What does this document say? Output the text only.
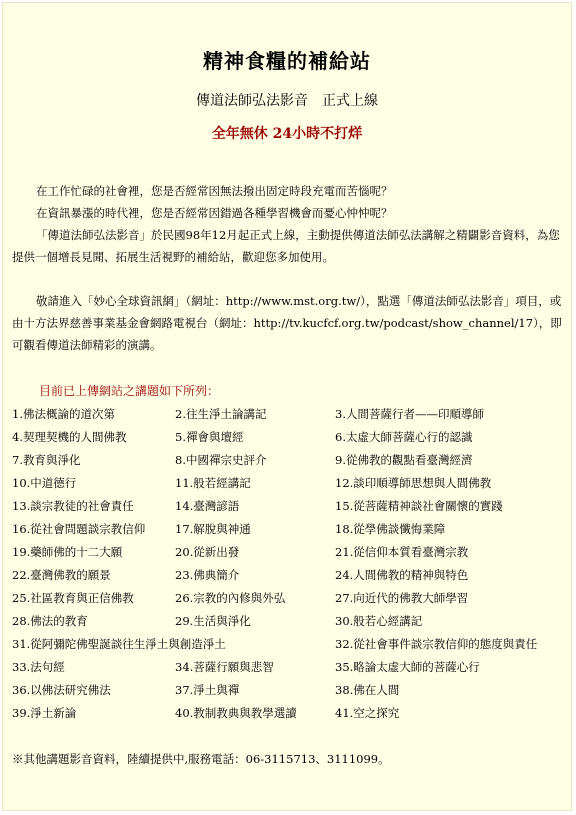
精神食糧的補給站
傳道法師弘法影音　正式上線
全年無休 24小時不打烊
在工作忙碌的社會裡，您是否經常因無法撥出固定時段充電而苦惱呢？
在資訊暴漲的時代裡，您是否經常因錯過各種學習機會而憂心忡忡呢？
「傳道法師弘法影音」於民國98年12月起正式上線，主動提供傳道法師弘法講解之精闢影音資料，為您提供一個增長見聞、拓展生活視野的補給站，歡迎您多加使用。
敬請進入「妙心全球資訊網」（網址：http://www.mst.org.tw/），點選「傳道法師弘法影音」項目，或由十方法界慈善事業基金會網路電視台（網址：http://tv.kucfcf.org.tw/podcast/show_channel/17），即可觀看傳道法師精彩的演講。
目前已上傳網站之講題如下所列：
1.佛法概論的道次第	2.往生淨土論講記	3.人間菩薩行者——印順導師
4.契理契機的人間佛教	5.禪會與壇經	6.太虛大師菩薩心行的認識
7.教育與淨化	8.中國禪宗史評介	9.從佛教的觀點看臺灣經濟
10.中道德行	11.般若經講記	12.談印順導師思想與人間佛教
13.談宗教徒的社會責任	14.臺灣諺語	15.從菩薩精神談社會關懷的實踐
16.從社會問題談宗教信仰	17.解脫與神通	18.從學佛談懺悔業障
19.藥師佛的十二大願	20.從新出發	21.從信仰本質看臺灣宗教
22.臺灣佛教的願景	23.佛典簡介	24.人間佛教的精神與特色
25.社區教育與正信佛教	26.宗教的內修與外弘	27.向近代的佛教大師學習
28.佛法的教育	29.生活與淨化	30.般若心經講記
31.從阿彌陀佛聖誕談往生淨土與創造淨土	32.從社會事件談宗教信仰的態度與責任
33.法句經	34.菩薩行願與悲智	35.略論太虛大師的菩薩心行
36.以佛法研究佛法	37.淨土與禪	38.佛在人間
39.淨土新論	40.教制教典與教學選讀	41.空之探究
※其他講題影音資料，陸續提供中,服務電話：06-3115713、3111099。
